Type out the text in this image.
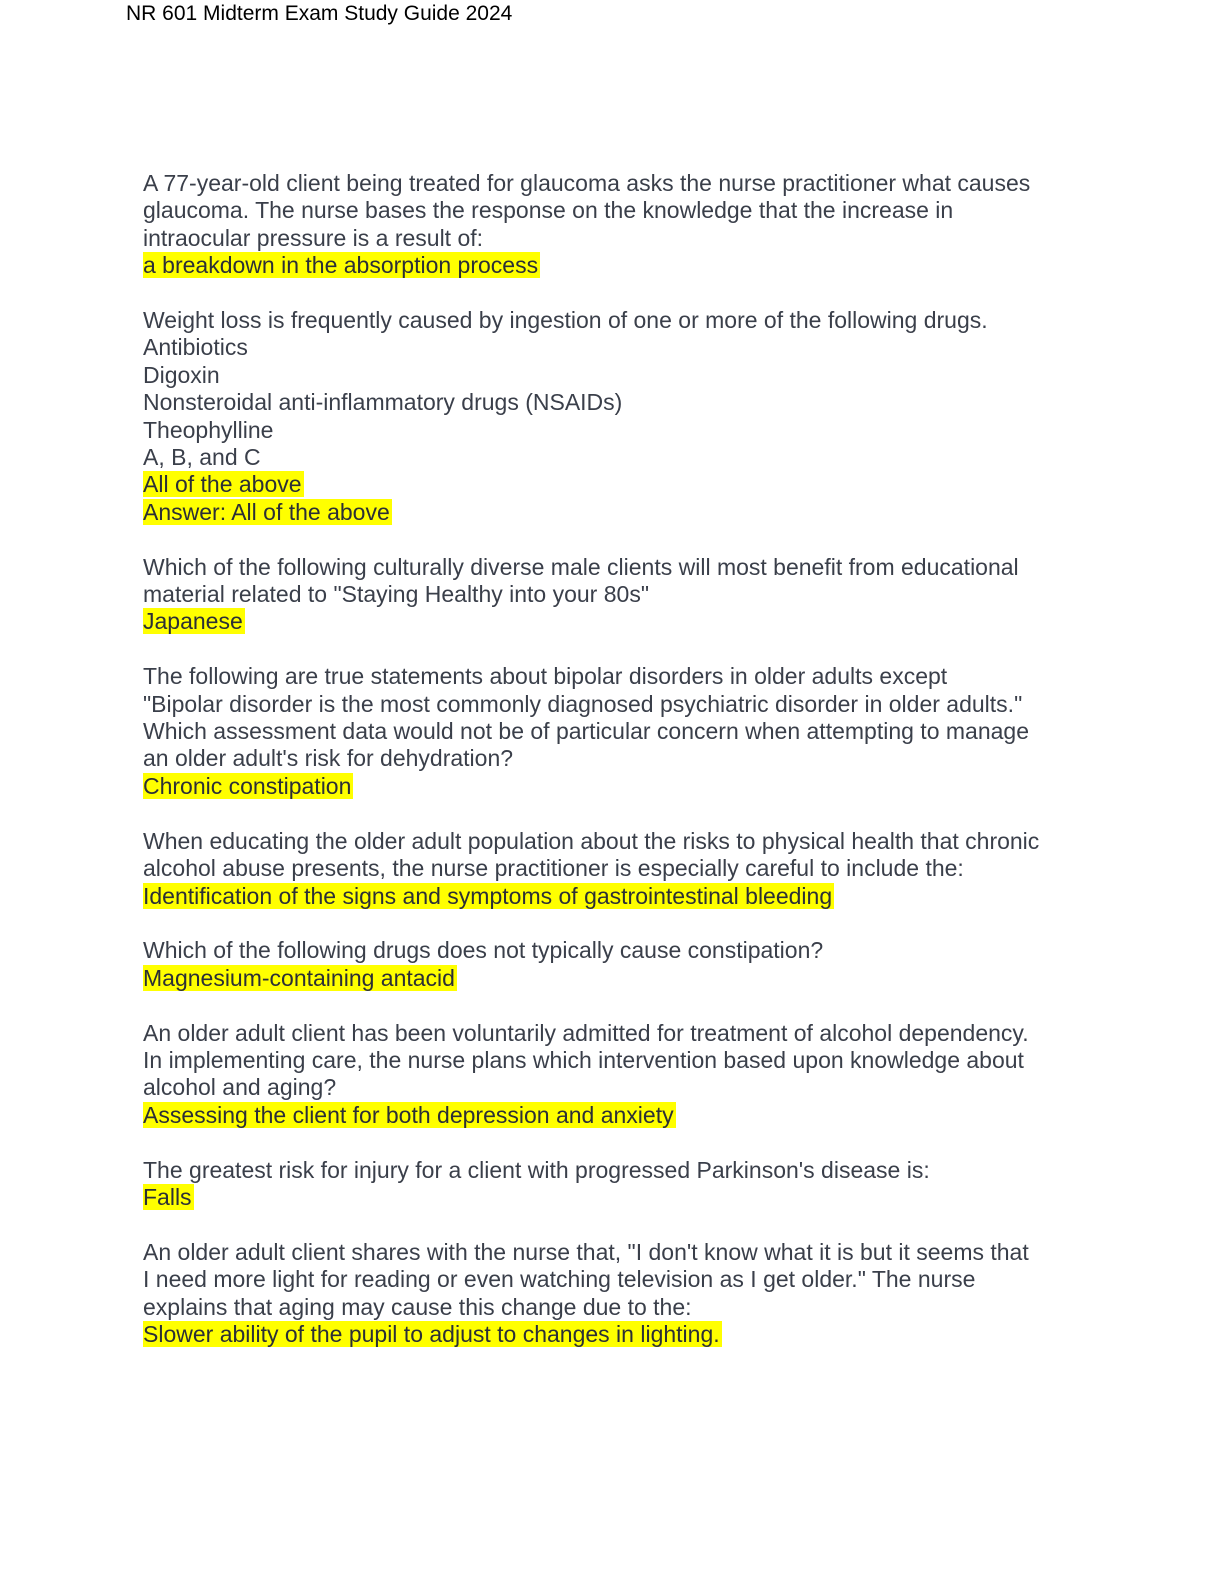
NR 601 Midterm Exam Study Guide 2024
A 77-year-old client being treated for glaucoma asks the nurse practitioner what causes
glaucoma. The nurse bases the response on the knowledge that the increase in
intraocular pressure is a result of:
a breakdown in the absorption process
Weight loss is frequently caused by ingestion of one or more of the following drugs.
Antibiotics
Digoxin
Nonsteroidal anti-inflammatory drugs (NSAIDs)
Theophylline
A, B, and C
All of the above
Answer: All of the above
Which of the following culturally diverse male clients will most benefit from educational
material related to "Staying Healthy into your 80s"
Japanese
The following are true statements about bipolar disorders in older adults except
"Bipolar disorder is the most commonly diagnosed psychiatric disorder in older adults."
Which assessment data would not be of particular concern when attempting to manage
an older adult's risk for dehydration?
Chronic constipation
When educating the older adult population about the risks to physical health that chronic
alcohol abuse presents, the nurse practitioner is especially careful to include the:
Identification of the signs and symptoms of gastrointestinal bleeding
Which of the following drugs does not typically cause constipation?
Magnesium-containing antacid
An older adult client has been voluntarily admitted for treatment of alcohol dependency.
In implementing care, the nurse plans which intervention based upon knowledge about
alcohol and aging?
Assessing the client for both depression and anxiety
The greatest risk for injury for a client with progressed Parkinson's disease is:
Falls
An older adult client shares with the nurse that, "I don't know what it is but it seems that
I need more light for reading or even watching television as I get older." The nurse
explains that aging may cause this change due to the:
Slower ability of the pupil to adjust to changes in lighting.
